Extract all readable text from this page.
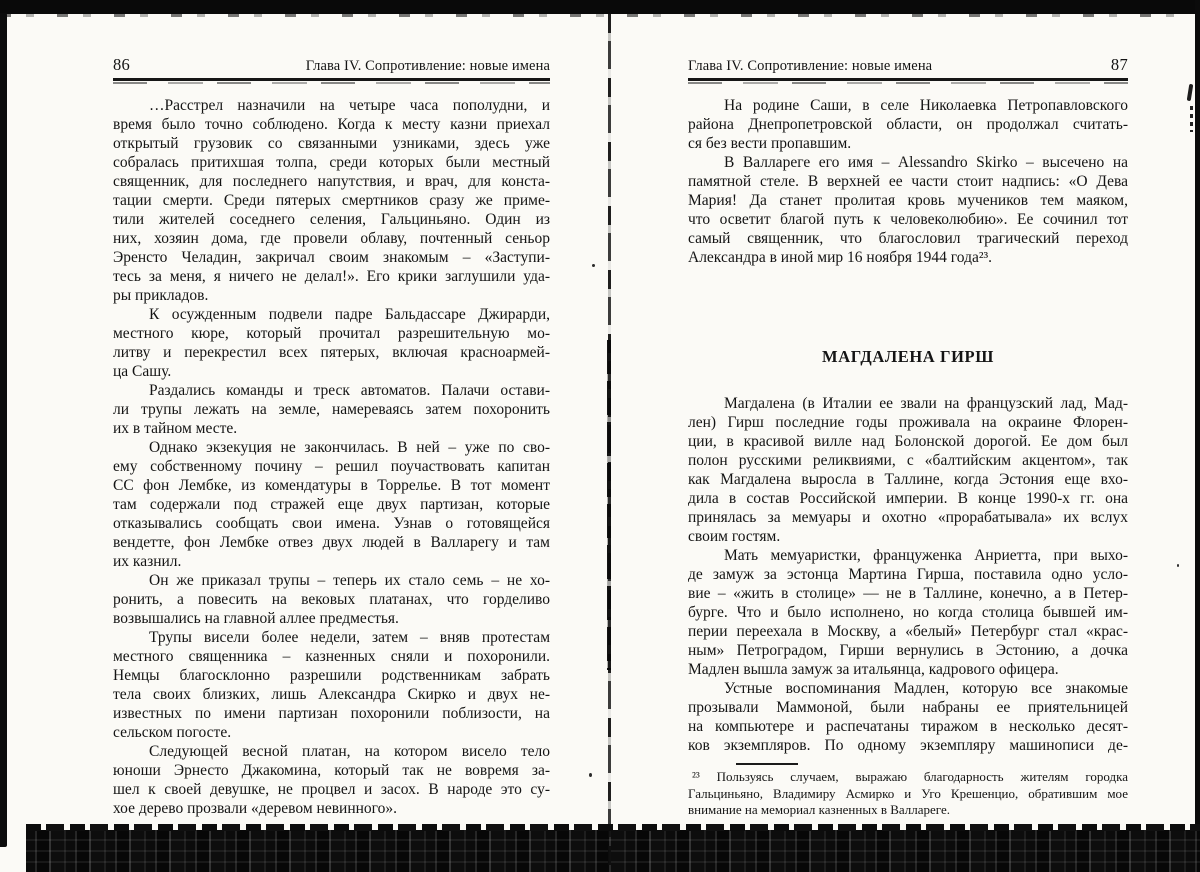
86	Глава IV. Сопротивление: новые имена
…Расстрел назначили на четыре часа пополудни, и
время было точно соблюдено. Когда к месту казни приехал
открытый грузовик со связанными узниками, здесь уже
собралась притихшая толпа, среди которых были местный
священник, для последнего напутствия, и врач, для конста-
тации смерти. Среди пятерых смертников сразу же приме-
тили жителей соседнего селения, Гальциньяно. Один из
них, хозяин дома, где провели облаву, почтенный сеньор
Эренсто Челадин, закричал своим знакомым – «Заступи-
тесь за меня, я ничего не делал!». Его крики заглушили уда-
ры прикладов.
К осужденным подвели падре Бальдассаре Джирарди,
местного кюре, который прочитал разрешительную мо-
литву и перекрестил всех пятерых, включая красноармей-
ца Сашу.
Раздались команды и треск автоматов. Палачи остави-
ли трупы лежать на земле, намереваясь затем похоронить
их в тайном месте.
Однако экзекуция не закончилась. В ней – уже по сво-
ему собственному почину – решил поучаствовать капитан
СС фон Лембке, из комендатуры в Торрелье. В тот момент
там содержали под стражей еще двух партизан, которые
отказывались сообщать свои имена. Узнав о готовящейся
вендетте, фон Лембке отвез двух людей в Валларегу и там
их казнил.
Он же приказал трупы – теперь их стало семь – не хо-
ронить, а повесить на вековых платанах, что горделиво
возвышались на главной аллее предместья.
Трупы висели более недели, затем – вняв протестам
местного священника – казненных сняли и похоронили.
Немцы благосклонно разрешили родственникам забрать
тела своих близких, лишь Александра Скирко и двух не-
известных по имени партизан похоронили поблизости, на
сельском погосте.
Следующей весной платан, на котором висело тело
юноши Эрнесто Джакомина, который так не вовремя за-
шел к своей девушке, не процвел и засох. В народе это су-
хое дерево прозвали «деревом невинного».
Глава IV. Сопротивление: новые имена	87
На родине Саши, в селе Николаевка Петропавловского
района Днепропетровской области, он продолжал считать-
ся без вести пропавшим.
В Валлареге его имя – Alessandro Skirko – высечено на
памятной стеле. В верхней ее части стоит надпись: «О Дева
Мария! Да станет пролитая кровь мучеников тем маяком,
что осветит благой путь к человеколюбию». Ее сочинил тот
самый священник, что благословил трагический переход
Александра в иной мир 16 ноября 1944 года²³.
МАГДАЛЕНА ГИРШ
Магдалена (в Италии ее звали на французский лад, Мад-
лен) Гирш последние годы проживала на окраине Флорен-
ции, в красивой вилле над Болонской дорогой. Ее дом был
полон русскими реликвиями, с «балтийским акцентом», так
как Магдалена выросла в Таллине, когда Эстония еще вхо-
дила в состав Российской империи. В конце 1990-х гг. она
принялась за мемуары и охотно «прорабатывала» их вслух
своим гостям.
Мать мемуаристки, француженка Анриетта, при выхо-
де замуж за эстонца Мартина Гирша, поставила одно усло-
вие – «жить в столице» — не в Таллине, конечно, а в Петер-
бурге. Что и было исполнено, но когда столица бывшей им-
перии переехала в Москву, а «белый» Петербург стал «крас-
ным» Петроградом, Гирши вернулись в Эстонию, а дочка
Мадлен вышла замуж за итальянца, кадрового офицера.
Устные воспоминания Мадлен, которую все знакомые
прозывали Маммоной, были набраны ее приятельницей
на компьютере и распечатаны тиражом в несколько десят-
ков экземпляров. По одному экземпляру машинописи де-
²³ Пользуясь случаем, выражаю благодарность жителям городка
Гальциньяно, Владимиру Асмирко и Уго Крешенцио, обратившим мое
внимание на мемориал казненных в Валлареге.
